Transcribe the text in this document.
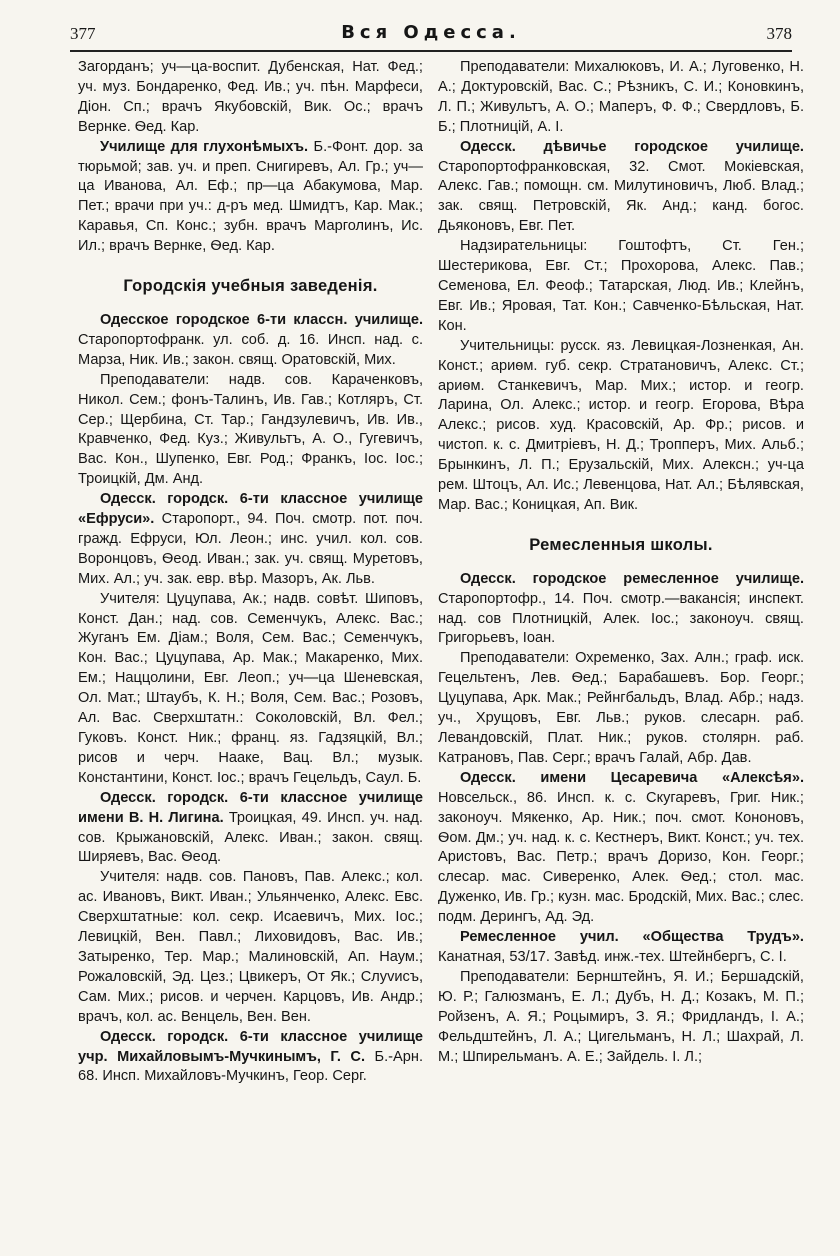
377	Вся Одесса.	378

Загорданъ; уч—ца-воспит. Дубенская, Нат. Фед.; уч. муз. Бондаренко, Фед. Ив.; уч. пѣн. Марфеси, Діон. Сп.; врачъ Якубовскій, Вик. Ос.; врачъ Вернке. Ѳед. Кар.

Училище для глухонѣмыхъ. Б.-Фонт. дор. за тюрьмой; зав. уч. и преп. Снигиревъ, Ал. Гр.; уч—ца Иванова, Ал. Еф.; пр—ца Абакумова, Мар. Пет.; врачи при уч.: д-ръ мед. Шмидтъ, Кар. Мак.; Каравья, Сп. Конс.; зубн. врачъ Марголинъ, Ис. Ил.; врачъ Вернке, Ѳед. Кар.

Городскія учебныя заведенія.

Одесское городское 6-ти классн. училище. Старопортофранк. ул. соб. д. 16. Инсп. над. с. Марза, Ник. Ив.; закон. свящ. Оратовскій, Мих.

Преподаватели: надв. сов. Караченковъ, Никол. Сем.; фонъ-Талинъ, Ив. Гав.; Котляръ, Ст. Сер.; Щербина, Ст. Тар.; Гандзулевичъ, Ив. Ив., Кравченко, Фед. Куз.; Живультъ, А. О., Гугевичъ, Вас. Кон., Шупенко, Евг. Род.; Франкъ, Іос. Іос.; Троицкій, Дм. Анд.

Одесск. городск. 6-ти классное училище «Ефруси». Старопорт., 94. Поч. смотр. пот. поч. гражд. Ефруси, Юл. Леон.; инс. учил. кол. сов. Воронцовъ, Ѳеод. Иван.; зак. уч. свящ. Муретовъ, Мих. Ал.; уч. зак. евр. вѣр. Мазоръ, Ак. Льв.

Учителя: Цуцупава, Ак.; надв. совѣт. Шиповъ, Конст. Дан.; над. сов. Семенчукъ, Алекс. Вас.; Жуганъ Ем. Діам.; Воля, Сем. Вас.; Семенчукъ, Кон. Вас.; Цуцупава, Ар. Мак.; Макаренко, Мих. Ем.; Наццолини, Евг. Леоп.; уч—ца Шеневская, Ол. Мат.; Штаубъ, К. Н.; Воля, Сем. Вас.; Розовъ, Ал. Вас. Сверхштатн.: Соколовскій, Вл. Фел.; Гуковъ. Конст. Ник.; франц. яз. Гадзяцкій, Вл.; рисов и черч. Нааке, Вац. Вл.; музык. Константини, Конст. Іос.; врачъ Гецельдъ, Саул. Б.

Одесск. городск. 6-ти классное училище имени В. Н. Лигина. Троицкая, 49. Инсп. уч. над. сов. Крыжановскій, Алекс. Иван.; закон. свящ. Ширяевъ, Вас. Ѳеод.

Учителя: надв. сов. Пановъ, Пав. Алекс.; кол. ас. Ивановъ, Викт. Иван.; Ульянченко, Алекс. Евс. Сверхштатные: кол. секр. Исаевичъ, Мих. Іос.; Левицкій, Вен. Павл.; Лиховидовъ, Вас. Ив.; Затыренко, Тер. Мар.; Малиновскій, Ап. Наум.; Рожаловскій, Эд. Цез.; Цвикеръ, От Як.; Слуvисъ, Сам. Мих.; рисов. и черчен. Карцовъ, Ив. Андр.; врачъ, кол. ас. Венцель, Вен. Вен.

Одесск. городск. 6-ти классное училище учр. Михайловымъ-Мучкинымъ, Г. С. Б.-Арн. 68. Инсп. Михайловъ-Мучкинъ, Геор. Серг.

Преподаватели: Михалюковъ, И. А.; Луговенко, Н. А.; Доктуровскій, Вас. С.; Рѣзникъ, С. И.; Коновкинъ, Л. П.; Живультъ, А. О.; Маперъ, Ф. Ф.; Свердловъ, Б. Б.; Плотницій, А. І.

Одесск. дѣвичье городское училище. Старопортофранковская, 32. Смот. Мокіевская, Алекс. Гав.; помощн. см. Милутиновичъ, Люб. Влад.; зак. свящ. Петровскій, Як. Анд.; канд. богос. Дьяконовъ, Евг. Пет.

Надзирательницы: Гоштофтъ, Ст. Ген.; Шестерикова, Евг. Ст.; Прохорова, Алекс. Пав.; Семенова, Ел. Феоф.; Татарская, Люд. Ив.; Клейнъ, Евг. Ив.; Яровая, Тат. Кон.; Савченко-Бѣльская, Нат. Кон.

Учительницы: русск. яз. Левицкая-Лозненкая, Ан. Конст.; ариѳм. губ. секр. Стратановичъ, Алекс. Ст.; ариѳм. Станкевичъ, Мар. Мих.; истор. и геогр. Ларина, Ол. Алекс.; истор. и геогр. Егорова, Вѣра Алекс.; рисов. худ. Красовскій, Ар. Фр.; рисов. и чистоп. к. с. Дмитріевъ, Н. Д.; Тропперъ, Мих. Альб.; Брынкинъ, Л. П.; Ерузальскій, Мих. Алексн.; уч-ца рем. Штоцъ, Ал. Ис.; Левенцова, Нат. Ал.; Бѣлявская, Мар. Вас.; Коницкая, Ап. Вик.

Ремесленныя школы.

Одесск. городское ремесленное училище. Старопортофр., 14. Поч. смотр.—вакансія; инспект. над. сов Плотницкій, Алек. Іос.; законоуч. свящ. Григорьевъ, Іоан.

Преподаватели: Охременко, Зах. Алн.; граф. иск. Гецельтенъ, Лев. Ѳед.; Барабашевъ. Бор. Георг.; Цуцупава, Арк. Мак.; Рейнгбальдъ, Влад. Абр.; надз. уч., Хрущовъ, Евг. Льв.; руков. слесарн. раб. Левандовскій, Плат. Ник.; руков. столярн. раб. Катрановъ, Пав. Серг.; врачъ Галай, Абр. Дав.

Одесск. имени Цесаревича «Алексѣя». Новсельск., 86. Инсп. к. с. Скугаревъ, Григ. Ник.; законоуч. Мякенко, Ар. Ник.; поч. смот. Кононовъ, Ѳом. Дм.; уч. над. к. с. Кестнеръ, Викт. Конст.; уч. тех. Аристовъ, Вас. Петр.; врачъ Доризо, Кон. Георг.; слесар. мас. Сиверенко, Алек. Ѳед.; стол. мас. Дуженко, Ив. Гр.; кузн. мас. Бродскій, Мих. Вас.; слес. подм. Дерингъ, Ад. Эд.

Ремесленное учил. «Общества Трудъ». Канатная, 53/17. Завѣд. инж.-тех. Штейнбергъ, С. І.

Преподаватели: Бернштейнъ, Я. И.; Бершадскій, Ю. Р.; Галюзманъ, Е. Л.; Дубъ, Н. Д.; Козакъ, М. П.; Ройзенъ, А. Я.; Роцымиръ, З. Я.; Фридландъ, І. А.; Фельдштейнъ, Л. А.; Цигельманъ, Н. Л.; Шахрай, Л. М.; Шпирельманъ. А. Е.; Зайдель. І. Л.;
